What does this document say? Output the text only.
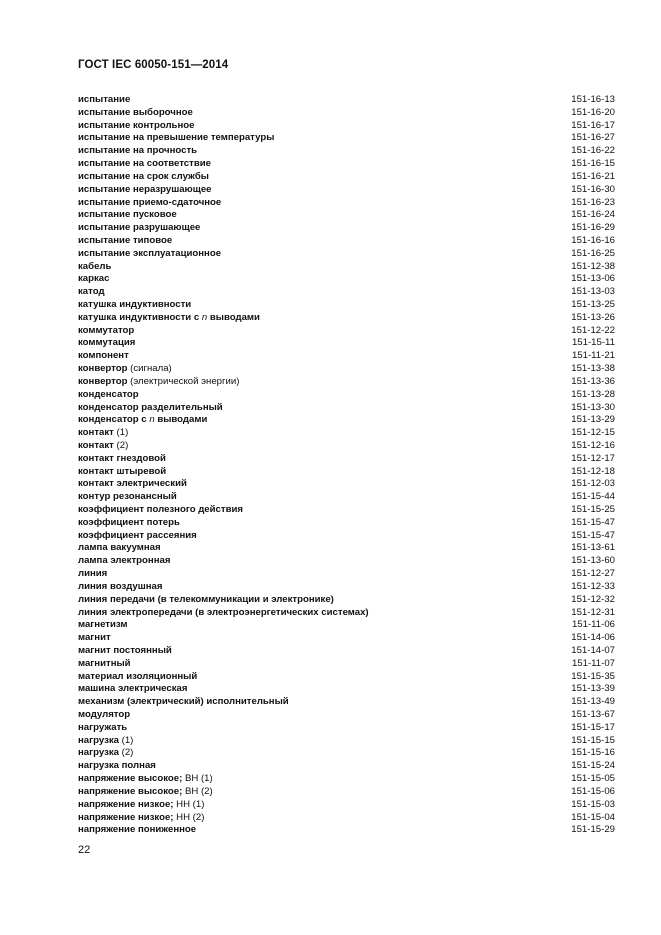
ГОСТ IEC 60050-151—2014
испытание	151-16-13
испытание выборочное	151-16-20
испытание контрольное	151-16-17
испытание на превышение температуры	151-16-27
испытание на прочность	151-16-22
испытание на соответствие	151-16-15
испытание на срок службы	151-16-21
испытание неразрушающее	151-16-30
испытание приемо-сдаточное	151-16-23
испытание пусковое	151-16-24
испытание разрушающее	151-16-29
испытание типовое	151-16-16
испытание эксплуатационное	151-16-25
кабель	151-12-38
каркас	151-13-06
катод	151-13-03
катушка индуктивности	151-13-25
катушка индуктивности с n выводами	151-13-26
коммутатор	151-12-22
коммутация	151-15-11
компонент	151-11-21
конвертор (сигнала)	151-13-38
конвертор (электрической энергии)	151-13-36
конденсатор	151-13-28
конденсатор разделительный	151-13-30
конденсатор с n выводами	151-13-29
контакт (1)	151-12-15
контакт (2)	151-12-16
контакт гнездовой	151-12-17
контакт штыревой	151-12-18
контакт электрический	151-12-03
контур резонансный	151-15-44
коэффициент полезного действия	151-15-25
коэффициент потерь	151-15-47
коэффициент рассеяния	151-15-47
лампа вакуумная	151-13-61
лампа электронная	151-13-60
линия	151-12-27
линия воздушная	151-12-33
линия передачи (в телекоммуникации и электронике)	151-12-32
линия электропередачи (в электроэнергетических системах)	151-12-31
магнетизм	151-11-06
магнит	151-14-06
магнит постоянный	151-14-07
магнитный	151-11-07
материал изоляционный	151-15-35
машина электрическая	151-13-39
механизм (электрический) исполнительный	151-13-49
модулятор	151-13-67
нагружать	151-15-17
нагрузка (1)	151-15-15
нагрузка (2)	151-15-16
нагрузка полная	151-15-24
напряжение высокое; ВН (1)	151-15-05
напряжение высокое; ВН (2)	151-15-06
напряжение низкое; НН (1)	151-15-03
напряжение низкое; НН (2)	151-15-04
напряжение пониженное	151-15-29
22
